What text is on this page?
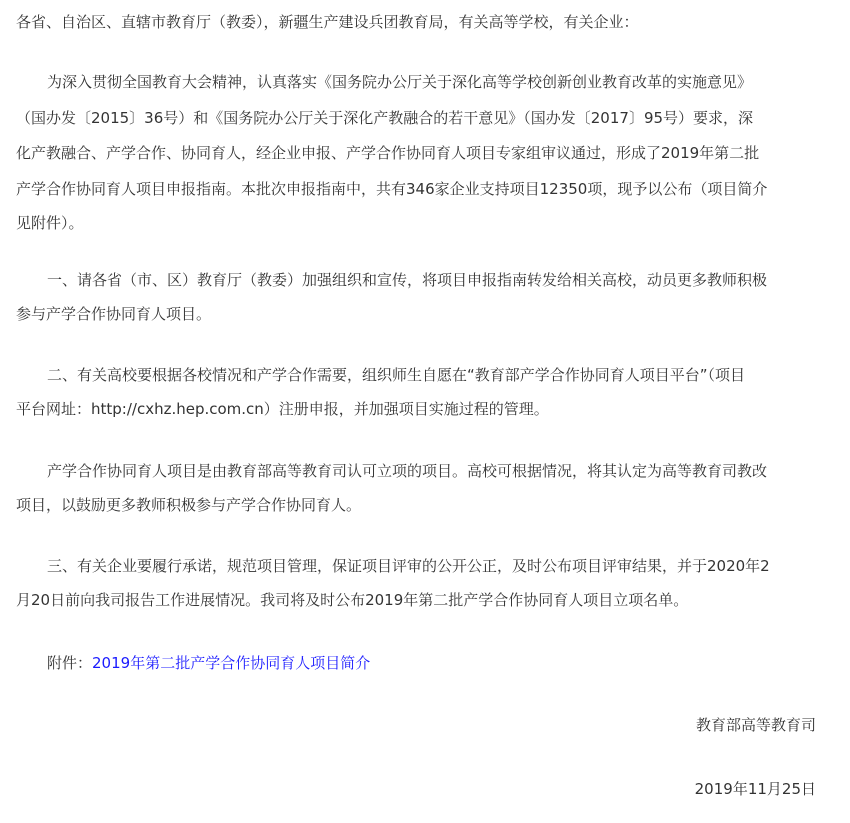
各省、自治区、直辖市教育厅（教委），新疆生产建设兵团教育局，有关高等学校，有关企业：
为深入贯彻全国教育大会精神，认真落实《国务院办公厅关于深化高等学校创新创业教育改革的实施意见》
（国办发〔2015〕36号）和《国务院办公厅关于深化产教融合的若干意见》（国办发〔2017〕95号）要求，深
化产教融合、产学合作、协同育人，经企业申报、产学合作协同育人项目专家组审议通过，形成了2019年第二批
产学合作协同育人项目申报指南。本批次申报指南中，共有346家企业支持项目12350项，现予以公布（项目简介
见附件）。
一、请各省（市、区）教育厅（教委）加强组织和宣传，将项目申报指南转发给相关高校，动员更多教师积极
参与产学合作协同育人项目。
二、有关高校要根据各校情况和产学合作需要，组织师生自愿在“教育部产学合作协同育人项目平台”（项目
平台网址：http://cxhz.hep.com.cn）注册申报，并加强项目实施过程的管理。
产学合作协同育人项目是由教育部高等教育司认可立项的项目。高校可根据情况，将其认定为高等教育司教改
项目，以鼓励更多教师积极参与产学合作协同育人。
三、有关企业要履行承诺，规范项目管理，保证项目评审的公开公正，及时公布项目评审结果，并于2020年2
月20日前向我司报告工作进展情况。我司将及时公布2019年第二批产学合作协同育人项目立项名单。
附件：2019年第二批产学合作协同育人项目简介
教育部高等教育司
2019年11月25日
